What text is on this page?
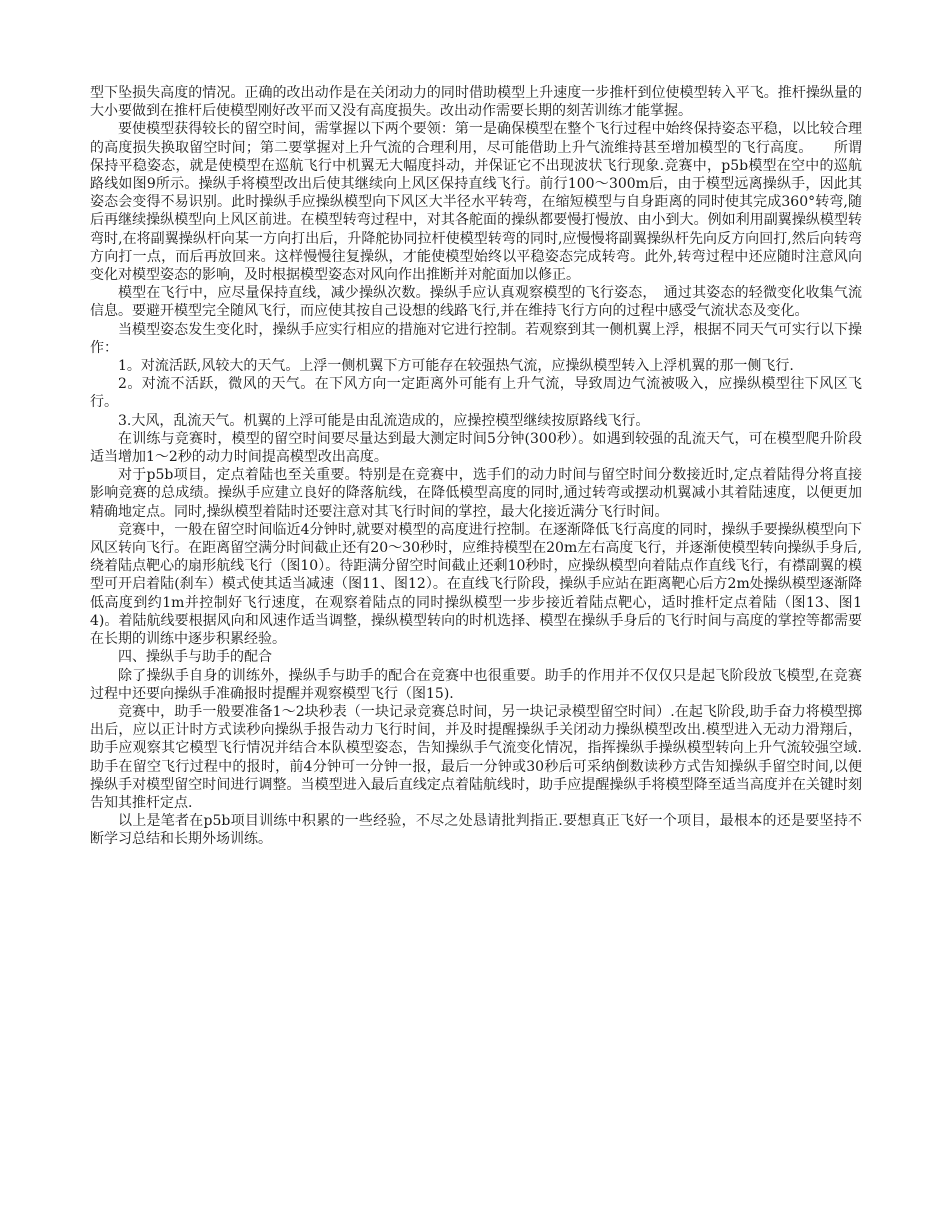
型下坠损失高度的情况。正确的改出动作是在关闭动力的同时借助模型上升速度一步推杆到位使模型转入平飞。推杆操纵量的大小要做到在推杆后使模型刚好改平而又没有高度损失。改出动作需要长期的刻苦训练才能掌握。

要使模型获得较长的留空时间，需掌握以下两个要领：第一是确保模型在整个飞行过程中始终保持姿态平稳，以比较合理的高度损失换取留空时间；第二要掌握对上升气流的合理利用，尽可能借助上升气流维持甚至增加模型的飞行高度。　　所谓保持平稳姿态，就是使模型在巡航飞行中机翼无大幅度抖动，并保证它不出现波状飞行现象.竞赛中，p5b模型在空中的巡航路线如图9所示。操纵手将模型改出后使其继续向上风区保持直线飞行。前行100～300m后，由于模型远离操纵手，因此其姿态会变得不易识别。此时操纵手应操纵模型向下风区大半径水平转弯，在缩短模型与自身距离的同时使其完成360°转弯,随后再继续操纵模型向上风区前进。在模型转弯过程中，对其各舵面的操纵都要慢打慢放、由小到大。例如利用副翼操纵模型转弯时,在将副翼操纵杆向某一方向打出后，升降舵协同拉杆使模型转弯的同时,应慢慢将副翼操纵杆先向反方向回打,然后向转弯方向打一点，而后再放回来。这样慢慢往复操纵，才能使模型始终以平稳姿态完成转弯。此外,转弯过程中还应随时注意风向变化对模型姿态的影响，及时根据模型姿态对风向作出推断并对舵面加以修正。

模型在飞行中，应尽量保持直线，减少操纵次数。操纵手应认真观察模型的飞行姿态，　通过其姿态的轻微变化收集气流信息。要避开模型完全随风飞行，而应使其按自己设想的线路飞行,并在维持飞行方向的过程中感受气流状态及变化。

当模型姿态发生变化时，操纵手应实行相应的措施对它进行控制。若观察到其一侧机翼上浮，根据不同天气可实行以下操作：

1。对流活跃,风较大的天气。上浮一侧机翼下方可能存在较强热气流，应操纵模型转入上浮机翼的那一侧飞行.

2。对流不活跃，微风的天气。在下风方向一定距离外可能有上升气流，导致周边气流被吸入，应操纵模型往下风区飞行。

3.大风，乱流天气。机翼的上浮可能是由乱流造成的，应操控模型继续按原路线飞行。

在训练与竞赛时，模型的留空时间要尽量达到最大测定时间5分钟(300秒）。如遇到较强的乱流天气，可在模型爬升阶段适当增加1～2秒的动力时间提高模型改出高度。

对于p5b项目，定点着陆也至关重要。特别是在竞赛中，选手们的动力时间与留空时间分数接近时,定点着陆得分将直接影响竞赛的总成绩。操纵手应建立良好的降落航线，在降低模型高度的同时,通过转弯或摆动机翼减小其着陆速度，以便更加精确地定点。同时,操纵模型着陆时还要注意对其飞行时间的掌控，最大化接近满分飞行时间。

竞赛中，一般在留空时间临近4分钟时,就要对模型的高度进行控制。在逐渐降低飞行高度的同时，操纵手要操纵模型向下风区转向飞行。在距离留空满分时间截止还有20～30秒时，应维持模型在20m左右高度飞行，并逐渐使模型转向操纵手身后,绕着陆点靶心的扇形航线飞行（图10）。待距满分留空时间截止还剩10秒时，应操纵模型向着陆点作直线飞行，有襟副翼的模型可开启着陆(刹车）模式使其适当减速（图11、图12）。在直线飞行阶段，操纵手应站在距离靶心后方2m处操纵模型逐渐降低高度到约1m并控制好飞行速度，在观察着陆点的同时操纵模型一步步接近着陆点靶心，适时推杆定点着陆（图13、图14)。着陆航线要根据风向和风速作适当调整，操纵模型转向的时机选择、模型在操纵手身后的飞行时间与高度的掌控等都需要在长期的训练中逐步积累经验。

四、操纵手与助手的配合

除了操纵手自身的训练外，操纵手与助手的配合在竞赛中也很重要。助手的作用并不仅仅只是起飞阶段放飞模型,在竞赛过程中还要向操纵手准确报时提醒并观察模型飞行（图15).

竞赛中，助手一般要准备1～2块秒表（一块记录竞赛总时间，另一块记录模型留空时间）.在起飞阶段,助手奋力将模型掷出后，应以正计时方式读秒向操纵手报告动力飞行时间，并及时提醒操纵手关闭动力操纵模型改出.模型进入无动力滑翔后，助手应观察其它模型飞行情况并结合本队模型姿态，告知操纵手气流变化情况，指挥操纵手操纵模型转向上升气流较强空域.助手在留空飞行过程中的报时，前4分钟可一分钟一报，最后一分钟或30秒后可采纳倒数读秒方式告知操纵手留空时间,以便操纵手对模型留空时间进行调整。当模型进入最后直线定点着陆航线时，助手应提醒操纵手将模型降至适当高度并在关键时刻告知其推杆定点.

以上是笔者在p5b项目训练中积累的一些经验，不尽之处恳请批判指正.要想真正飞好一个项目，最根本的还是要坚持不断学习总结和长期外场训练。
